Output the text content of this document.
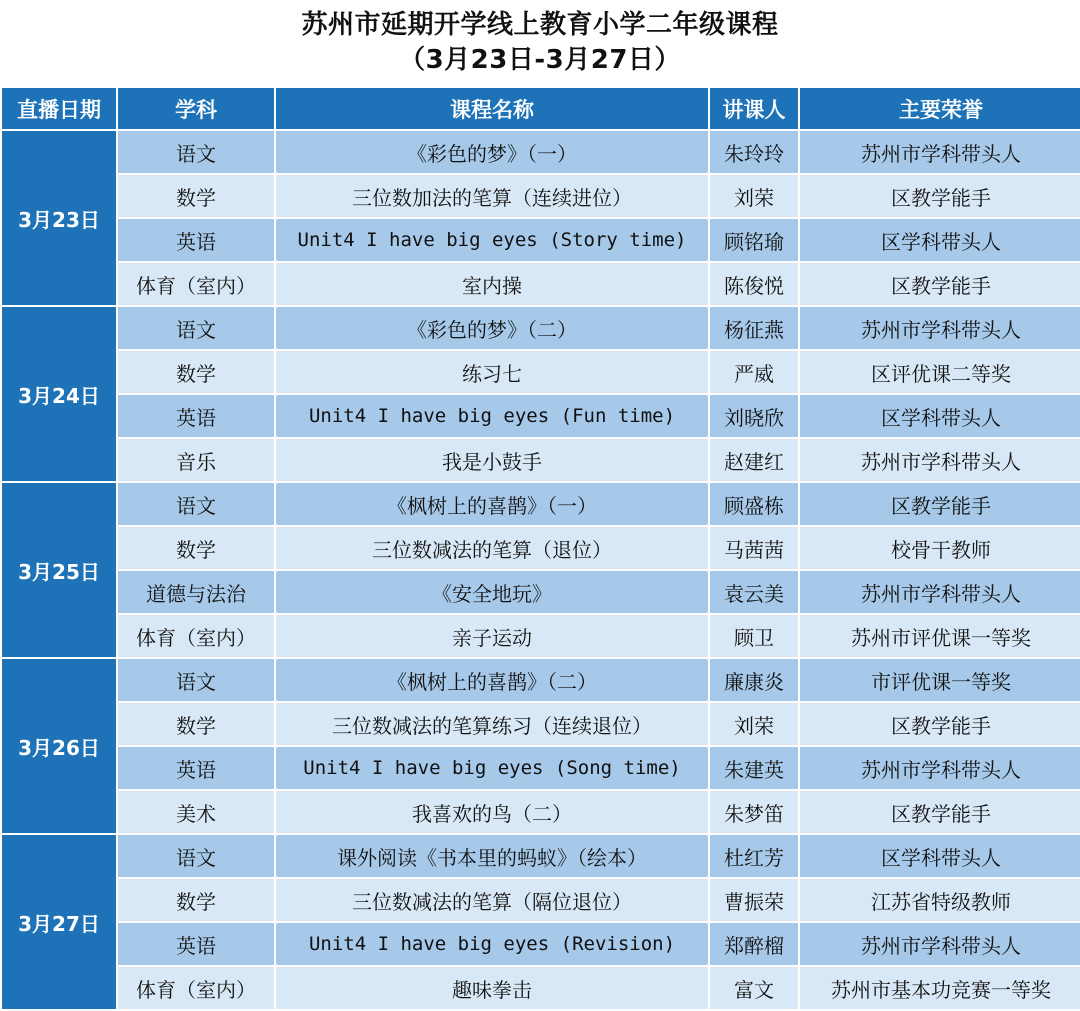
苏州市延期开学线上教育小学二年级课程
（3月23日-3月27日）
直播日期	学科	课程名称	讲课人	主要荣誉
3月23日	语文	《彩色的梦》（一）	朱玲玲	苏州市学科带头人
	数学	三位数加法的笔算（连续进位）	刘荣	区教学能手
	英语	Unit4 I have big eyes (Story time)	顾铭瑜	区学科带头人
	体育（室内）	室内操	陈俊悦	区教学能手
3月24日	语文	《彩色的梦》（二）	杨征燕	苏州市学科带头人
	数学	练习七	严威	区评优课二等奖
	英语	Unit4 I have big eyes (Fun time)	刘晓欣	区学科带头人
	音乐	我是小鼓手	赵建红	苏州市学科带头人
3月25日	语文	《枫树上的喜鹊》（一）	顾盛栋	区教学能手
	数学	三位数减法的笔算（退位）	马茜茜	校骨干教师
	道德与法治	《安全地玩》	袁云美	苏州市学科带头人
	体育（室内）	亲子运动	顾卫	苏州市评优课一等奖
3月26日	语文	《枫树上的喜鹊》（二）	廉康炎	市评优课一等奖
	数学	三位数减法的笔算练习（连续退位）	刘荣	区教学能手
	英语	Unit4 I have big eyes (Song time)	朱建英	苏州市学科带头人
	美术	我喜欢的鸟（二）	朱梦笛	区教学能手
3月27日	语文	课外阅读《书本里的蚂蚁》（绘本）	杜红芳	区学科带头人
	数学	三位数减法的笔算（隔位退位）	曹振荣	江苏省特级教师
	英语	Unit4 I have big eyes (Revision)	郑醉榴	苏州市学科带头人
	体育（室内）	趣味拳击	富文	苏州市基本功竞赛一等奖
